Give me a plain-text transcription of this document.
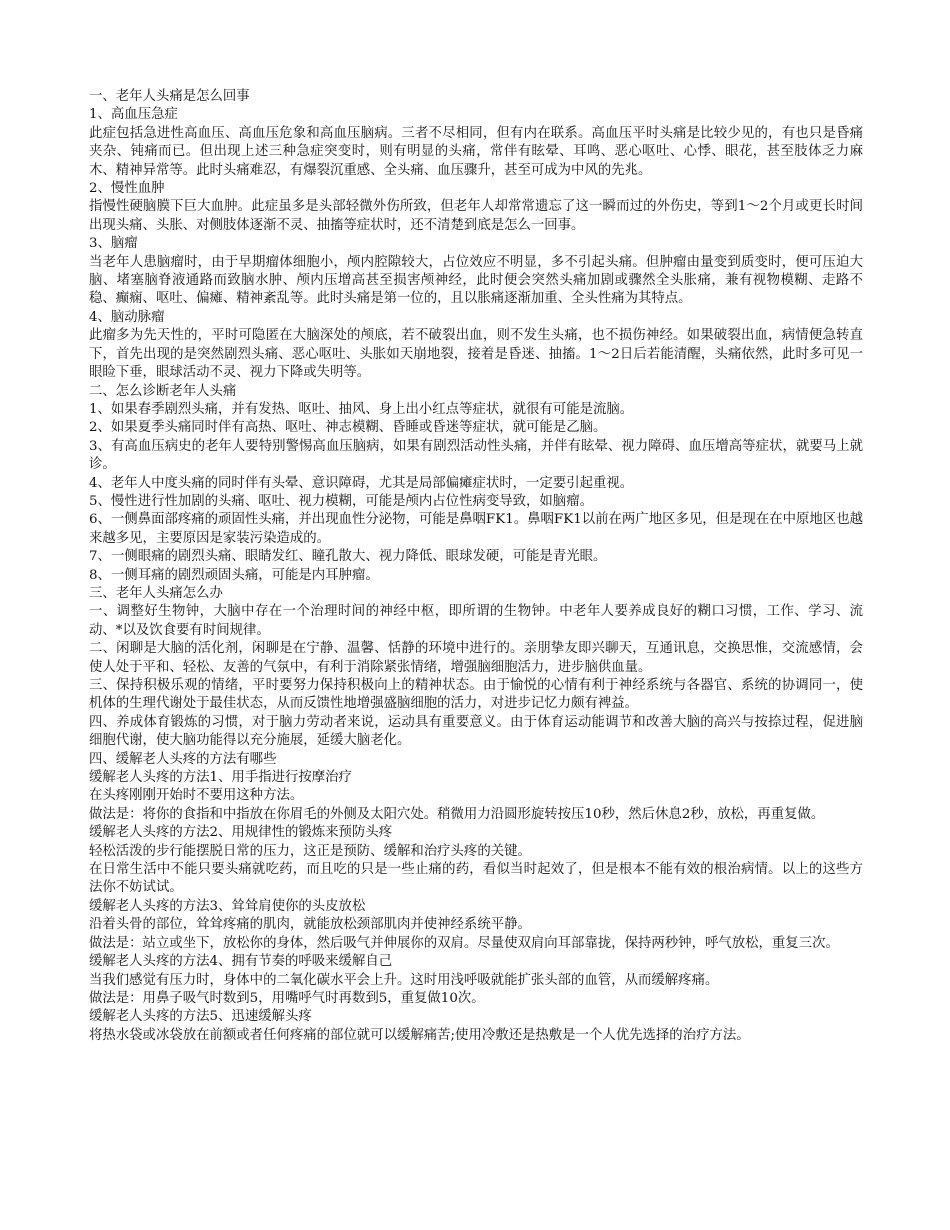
一、老年人头痛是怎么回事

1、高血压急症

此症包括急进性高血压、高血压危象和高血压脑病。三者不尽相同，但有内在联系。高血压平时头痛是比较少见的，有也只是昏痛夹杂、钝痛而已。但出现上述三种急症突变时，则有明显的头痛，常伴有眩晕、耳鸣、恶心呕吐、心悸、眼花，甚至肢体乏力麻木、精神异常等。此时头痛难忍，有爆裂沉重感、全头痛、血压骤升，甚至可成为中风的先兆。

2、慢性血肿

指慢性硬脑膜下巨大血肿。此症虽多是头部轻微外伤所致，但老年人却常常遗忘了这一瞬而过的外伤史，等到1～2个月或更长时间出现头痛、头胀、对侧肢体逐渐不灵、抽搐等症状时，还不清楚到底是怎么一回事。

3、脑瘤

当老年人患脑瘤时，由于早期瘤体细胞小，颅内腔隙较大，占位效应不明显，多不引起头痛。但肿瘤由量变到质变时，便可压迫大脑、堵塞脑脊液通路而致脑水肿、颅内压增高甚至损害颅神经，此时便会突然头痛加剧或骤然全头胀痛，兼有视物模糊、走路不稳、癫痫、呕吐、偏瘫、精神紊乱等。此时头痛是第一位的，且以胀痛逐渐加重、全头性痛为其特点。

4、脑动脉瘤

此瘤多为先天性的，平时可隐匿在大脑深处的颅底，若不破裂出血，则不发生头痛，也不损伤神经。如果破裂出血，病情便急转直下，首先出现的是突然剧烈头痛、恶心呕吐、头胀如天崩地裂，接着是昏迷、抽搐。1～2日后若能清醒，头痛依然，此时多可见一眼睑下垂，眼球活动不灵、视力下降或失明等。

二、怎么诊断老年人头痛

1、如果春季剧烈头痛，并有发热、呕吐、抽风、身上出小红点等症状，就很有可能是流脑。

2、如果夏季头痛同时伴有高热、呕吐、神志模糊、昏睡或昏迷等症状，就可能是乙脑。

3、有高血压病史的老年人要特别警惕高血压脑病，如果有剧烈活动性头痛，并伴有眩晕、视力障碍、血压增高等症状，就要马上就诊。

4、老年人中度头痛的同时伴有头晕、意识障碍，尤其是局部偏瘫症状时，一定要引起重视。

5、慢性进行性加剧的头痛、呕吐、视力模糊，可能是颅内占位性病变导致，如脑瘤。

6、一侧鼻面部疼痛的顽固性头痛，并出现血性分泌物，可能是鼻咽FK1。鼻咽FK1以前在两广地区多见，但是现在在中原地区也越来越多见，主要原因是家装污染造成的。

7、一侧眼痛的剧烈头痛、眼睛发红、瞳孔散大、视力降低、眼球发硬，可能是青光眼。

8、一侧耳痛的剧烈顽固头痛，可能是内耳肿瘤。

三、老年人头痛怎么办

一、调整好生物钟，大脑中存在一个治理时间的神经中枢，即所谓的生物钟。中老年人要养成良好的糊口习惯，工作、学习、流动、*以及饮食要有时间规律。

二、闲聊是大脑的活化剂，闲聊是在宁静、温馨、恬静的环境中进行的。亲朋挚友即兴聊天，互通讯息，交换思惟，交流感情，会使人处于平和、轻松、友善的气氛中，有利于消除紧张情绪，增强脑细胞活力，进步脑供血量。

三、保持积极乐观的情绪，平时要努力保持积极向上的精神状态。由于愉悦的心情有利于神经系统与各器官、系统的协调同一，使机体的生理代谢处于最佳状态，从而反馈性地增强盛脑细胞的活力，对进步记忆力颇有裨益。

四、养成体育锻炼的习惯，对于脑力劳动者来说，运动具有重要意义。由于体育运动能调节和改善大脑的高兴与按捺过程，促进脑细胞代谢，使大脑功能得以充分施展，延缓大脑老化。

四、缓解老人头疼的方法有哪些

缓解老人头疼的方法1、用手指进行按摩治疗

在头疼刚刚开始时不要用这种方法。

做法是：将你的食指和中指放在你眉毛的外侧及太阳穴处。稍微用力沿圆形旋转按压10秒，然后休息2秒，放松，再重复做。

缓解老人头疼的方法2、用规律性的锻炼来预防头疼

轻松活泼的步行能摆脱日常的压力，这正是预防、缓解和治疗头疼的关键。

在日常生活中不能只要头痛就吃药，而且吃的只是一些止痛的药，看似当时起效了，但是根本不能有效的根治病情。以上的这些方法你不妨试试。

缓解老人头疼的方法3、耸耸肩使你的头皮放松

沿着头骨的部位，耸耸疼痛的肌肉，就能放松颈部肌肉并使神经系统平静。

做法是：站立或坐下，放松你的身体，然后吸气并伸展你的双肩。尽量使双肩向耳部靠拢，保持两秒钟，呼气放松，重复三次。

缓解老人头疼的方法4、拥有节奏的呼吸来缓解自己

当我们感觉有压力时，身体中的二氧化碳水平会上升。这时用浅呼吸就能扩张头部的血管，从而缓解疼痛。

做法是：用鼻子吸气时数到5，用嘴呼气时再数到5，重复做10次。

缓解老人头疼的方法5、迅速缓解头疼

将热水袋或冰袋放在前额或者任何疼痛的部位就可以缓解痛苦;使用冷敷还是热敷是一个人优先选择的治疗方法。
